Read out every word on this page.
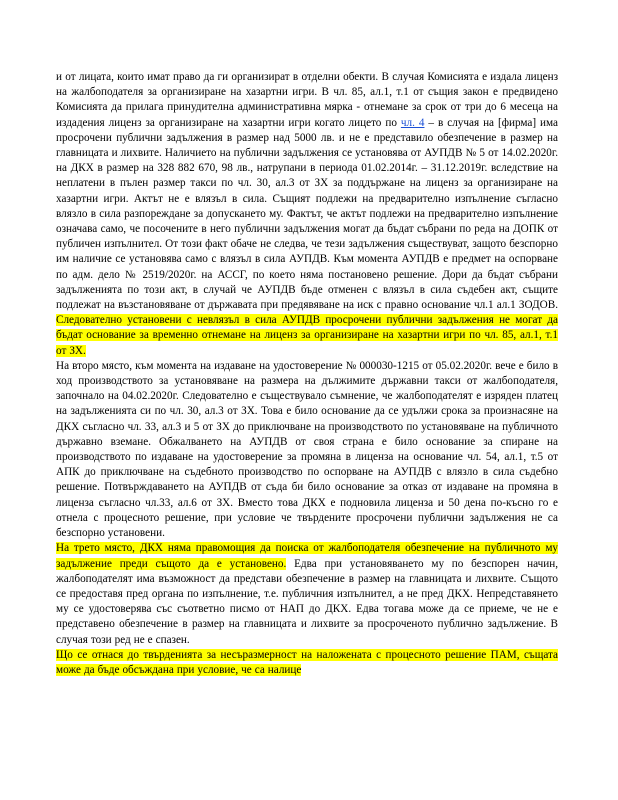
и от лицата, които имат право да ги организират в отделни обекти. В случая Комисията е издала лиценз на жалбоподателя за организиране на хазартни игри. В чл. 85, ал.1, т.1 от същия закон е предвидено Комисията да прилага принудителна административна мярка - отнемане за срок от три до 6 месеца на издадения лиценз за организиране на хазартни игри когато лицето по чл. 4 – в случая на [фирма] има просрочени публични задължения в размер над 5000 лв. и не е представило обезпечение в размер на главницата и лихвите. Наличието на публични задължения се установява от АУПДВ № 5 от 14.02.2020г. на ДКХ в размер на 328 882 670, 98 лв., натрупани в периода 01.02.2014г. – 31.12.2019г. вследствие на неплатени в пълен размер такси по чл. 30, ал.3 от ЗХ за поддържане на лиценз за организиране на хазартни игри. Актът не е влязъл в сила. Същият подлежи на предварително изпълнение съгласно влязло в сила разпореждане за допускането му. Фактът, че актът подлежи на предварително изпълнение означава само, че посочените в него публични задължения могат да бъдат събрани по реда на ДОПК от публичен изпълнител. От този факт обаче не следва, че тези задължения съществуват, защото безспорно им наличие се установява само с влязъл в сила АУПДВ. Към момента АУПДВ е предмет на оспорване по адм. дело № 2519/2020г. на АССГ, по което няма постановено решение. Дори да бъдат събрани задълженията по този акт, в случай че АУПДВ бъде отменен с влязъл в сила съдебен акт, същите подлежат на възстановяване от държавата при предявяване на иск с правно основание чл.1 ал.1 ЗОДОВ. Следователно установени с невлязъл в сила АУПДВ просрочени публични задължения не могат да бъдат основание за временно отнемане на лиценз за организиране на хазартни игри по чл. 85, ал.1, т.1 от ЗХ.

На второ място, към момента на издаване на удостоверение № 000030-1215 от 05.02.2020г. вече е било в ход производството за установяване на размера на дължимите държавни такси от жалбоподателя, започнало на 04.02.2020г. Следователно е съществувало съмнение, че жалбоподателят е изряден платец на задълженията си по чл. 30, ал.3 от ЗХ. Това е било основание да се удължи срока за произнасяне на ДКХ съгласно чл. 33, ал.3 и 5 от ЗХ до приключване на производството по установяване на публичното държавно вземане. Обжалването на АУПДВ от своя страна е било основание за спиране на производството по издаване на удостоверение за промяна в лиценза на основание чл. 54, ал.1, т.5 от АПК до приключване на съдебното производство по оспорване на АУПДВ с влязло в сила съдебно решение. Потвърждаването на АУПДВ от съда би било основание за отказ от издаване на промяна в лиценза съгласно чл.33, ал.6 от ЗХ. Вместо това ДКХ е подновила лиценза и 50 дена по-късно го е отнела с процесното решение, при условие че твърдените просрочени публични задължения не са безспорно установени.

На трето място, ДКХ няма правомощия да поиска от жалбоподателя обезпечение на публичното му задължение преди същото да е установено. Едва при установяването му по безспорен начин, жалбоподателят има възможност да представи обезпечение в размер на главницата и лихвите. Същото се предоставя пред органа по изпълнение, т.е. публичния изпълнител, а не пред ДКХ. Непредставянето му се удостоверява със съответно писмо от НАП до ДКХ. Едва тогава може да се приеме, че не е представено обезпечение в размер на главницата и лихвите за просроченото публично задължение. В случая този ред не е спазен.

Що се отнася до твърденията за несъразмерност на наложената с процесното решение ПАМ, същата може да бъде обсъждана при условие, че са налице
